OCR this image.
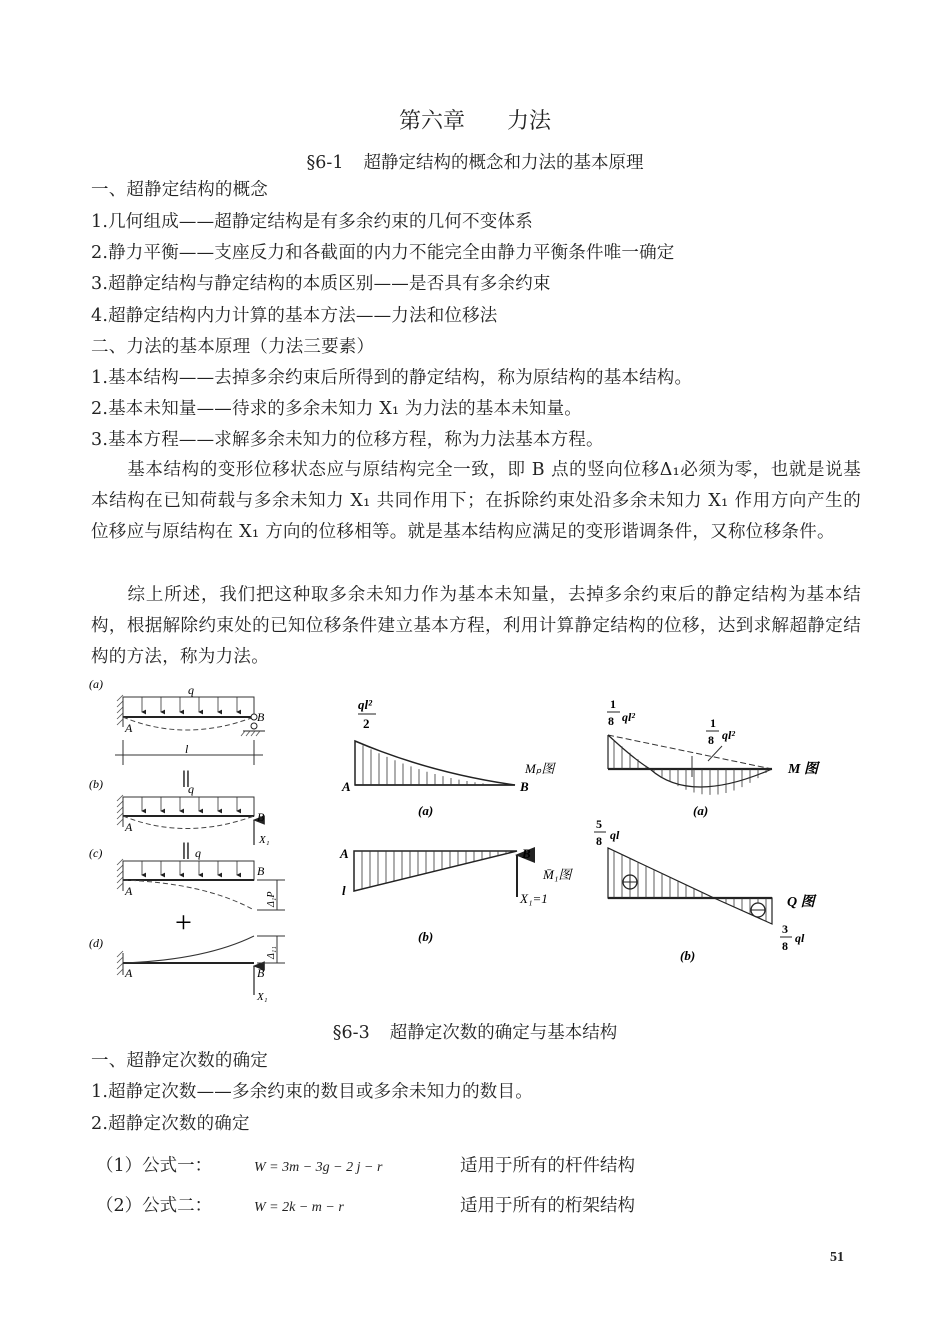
第六章 力法
§6-1 超静定结构的概念和力法的基本原理
一、超静定结构的概念
1.几何组成——超静定结构是有多余约束的几何不变体系
2.静力平衡——支座反力和各截面的内力不能完全由静力平衡条件唯一确定
3.超静定结构与静定结构的本质区别——是否具有多余约束
4.超静定结构内力计算的基本方法——力法和位移法
二、力法的基本原理（力法三要素）
1.基本结构——去掉多余约束后所得到的静定结构，称为原结构的基本结构。
2.基本未知量——待求的多余未知力 X₁ 为力法的基本未知量。
3.基本方程——求解多余未知力的位移方程，称为力法基本方程。
基本结构的变形位移状态应与原结构完全一致，即 B 点的竖向位移Δ₁必须为零，也就是说基本结构在已知荷载与多余未知力 X₁ 共同作用下；在拆除约束处沿多余未知力 X₁ 作用方向产生的位移应与原结构在 X₁ 方向的位移相等。就是基本结构应满足的变形谐调条件，又称位移条件。
综上所述，我们把这种取多余未知力作为基本未知量，去掉多余约束后的静定结构为基本结构，根据解除约束处的已知位移条件建立基本方程，利用计算静定结构的位移，达到求解超静定结构的方法，称为力法。
(a)	q
A
B
l
||
(b)	q
A
B
X₁
||
(c)	q
A
B
Δ₁P
+
(d)
A	B
X₁
Δ₁₁
ql²
2
A	B
Mₚ图
(a)
A	B
l
M̄₁图
X₁=1
(b)
1
8 ql²	1
8 ql²
M 图
(a)
5
8 ql
Q 图
3
8
ql
(b)
§6-3 超静定次数的确定与基本结构
一、超静定次数的确定
1.超静定次数——多余约束的数目或多余未知力的数目。
2.超静定次数的确定
（1）公式一：	W = 3m − 3g − 2 j − r	适用于所有的杆件结构
（2）公式二：	W = 2k − m − r	适用于所有的桁架结构
51
